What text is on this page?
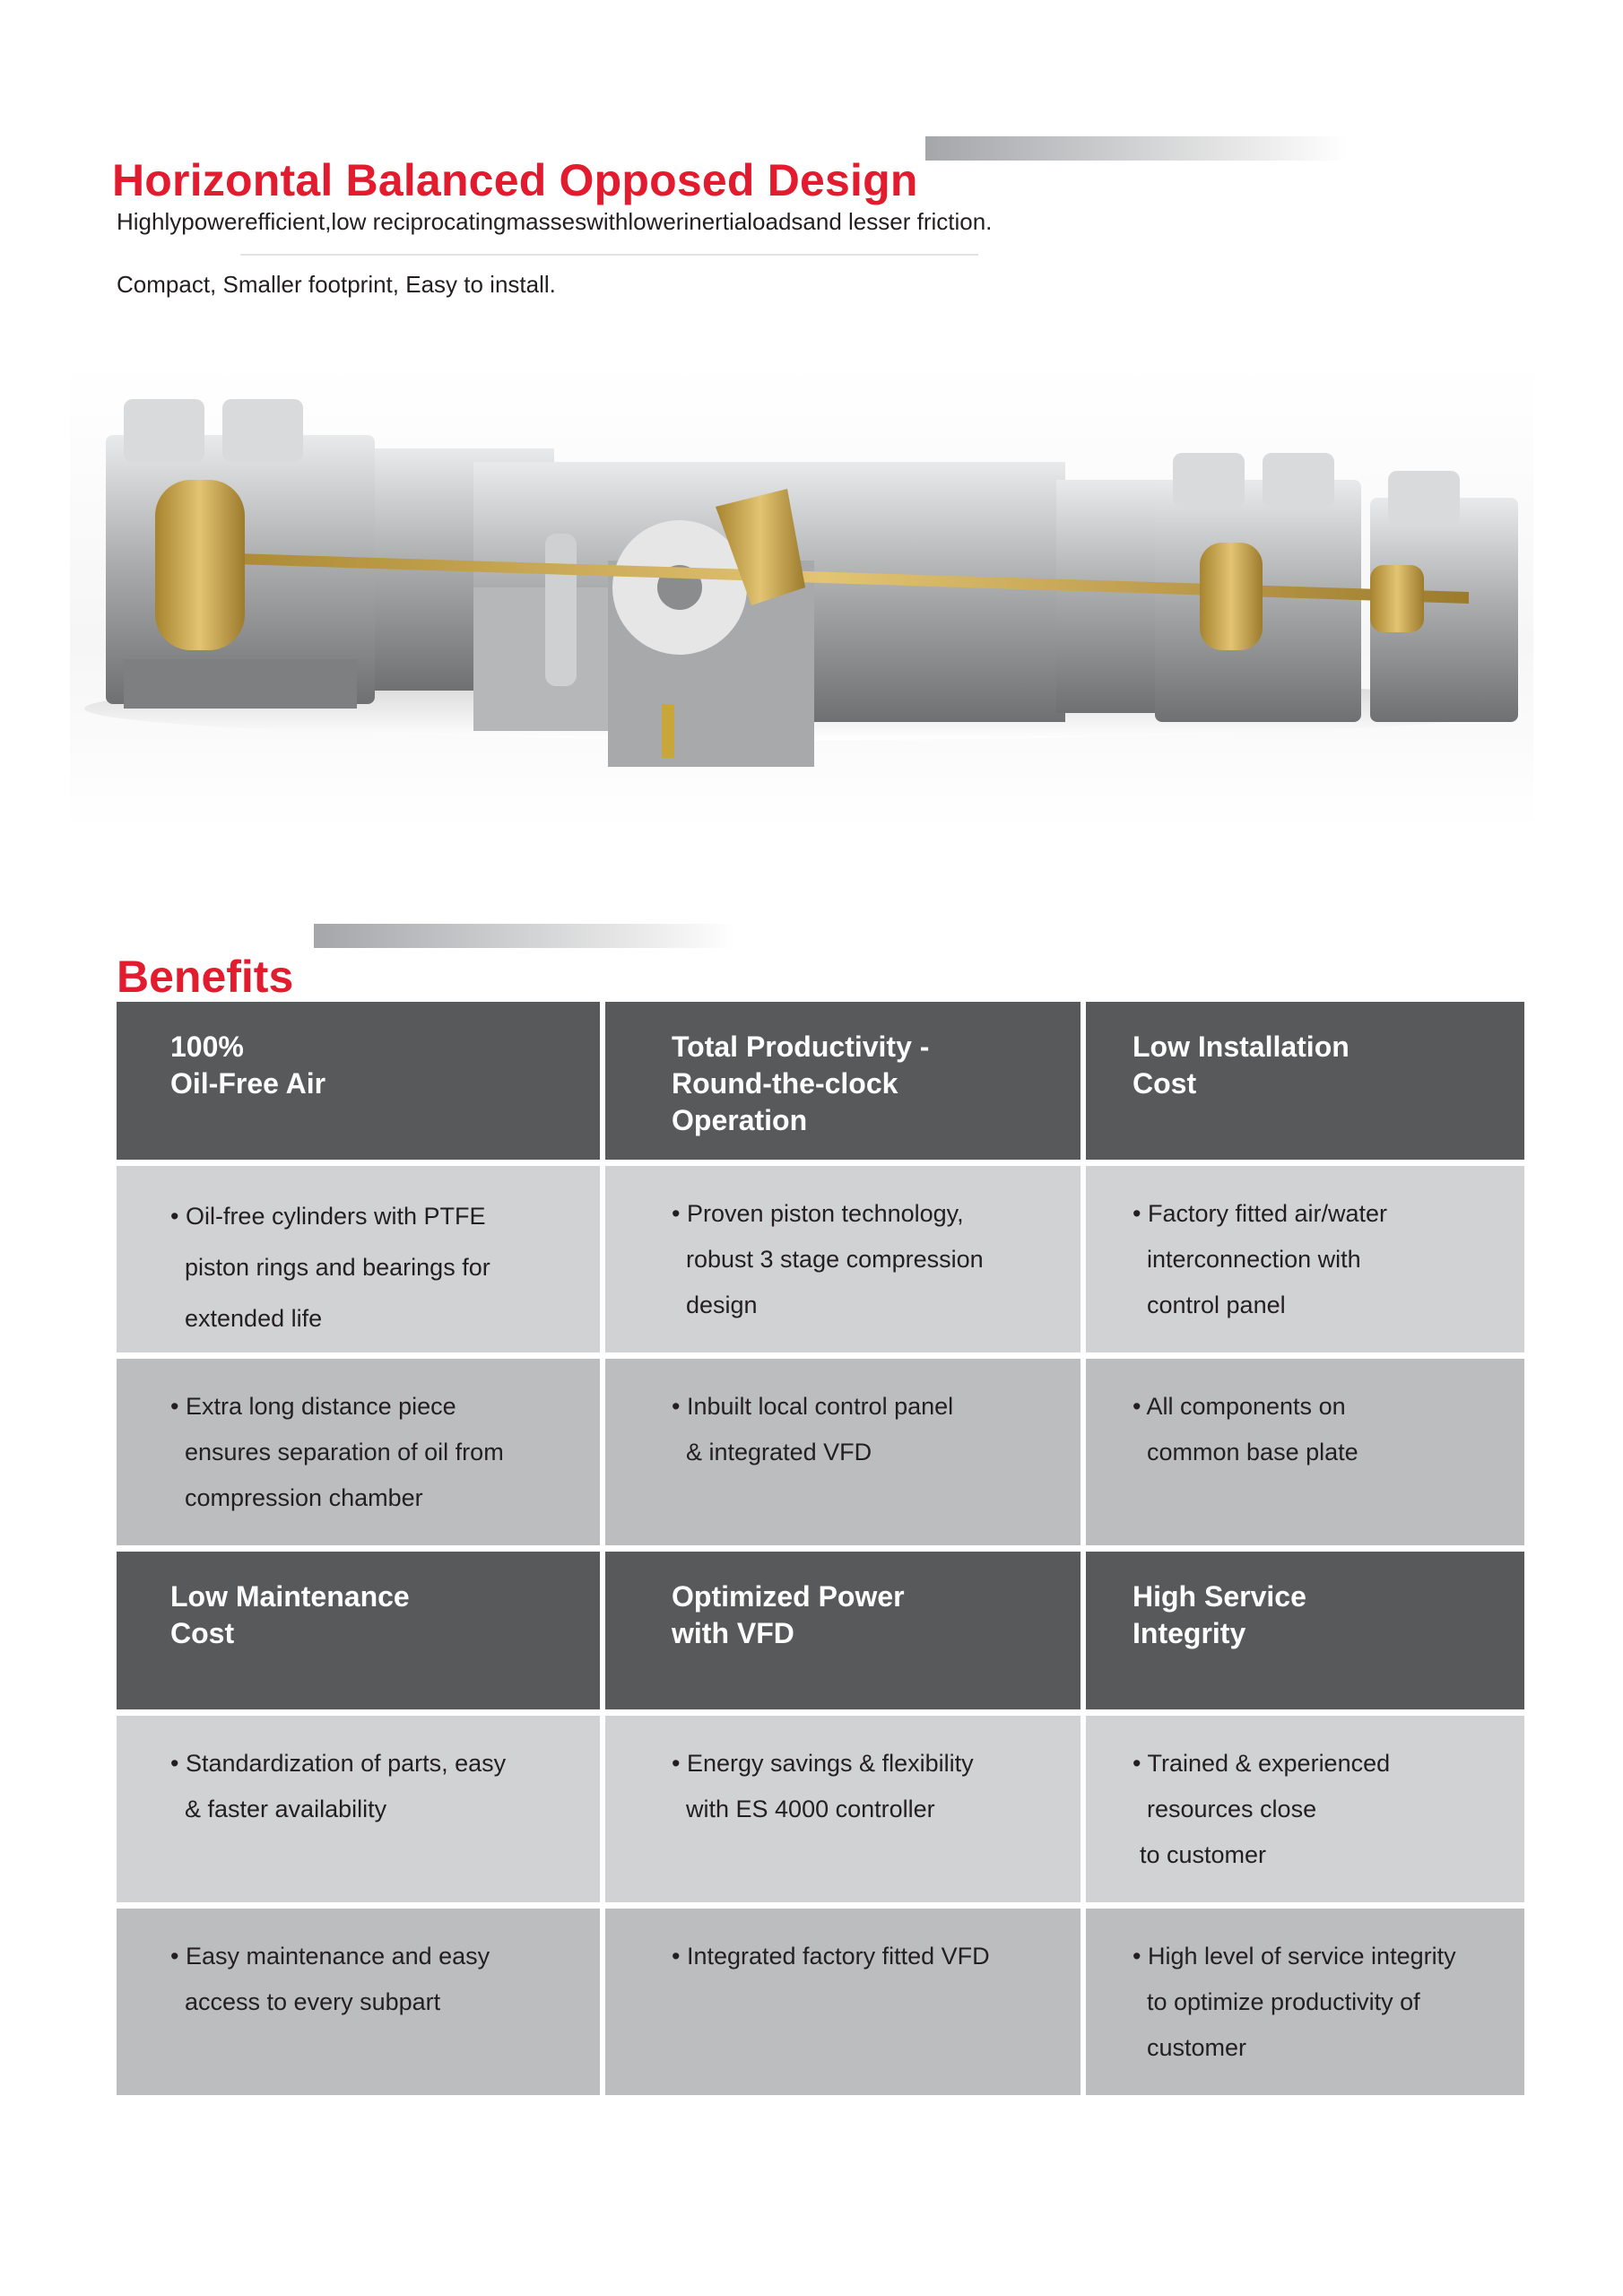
Horizontal Balanced Opposed Design
Highlypowerefficient,low reciprocatingmasseswithlowerinertialoadsand lesser friction.
Compact, Smaller footprint, Easy to install.
Benefits
100%
Oil-Free Air
Total Productivity -
Round-the-clock
Operation
Low Installation
Cost
• Oil-free cylinders with PTFE
piston rings and bearings for
extended life
• Proven piston technology,
robust 3 stage compression
design
• Factory fitted air/water
interconnection with
control panel
• Extra long distance piece
ensures separation of oil from
compression chamber
• Inbuilt local control panel
& integrated VFD
• All components on
common base plate
Low Maintenance
Cost
Optimized Power
with VFD
High Service
Integrity
• Standardization of parts, easy
& faster availability
• Energy savings & flexibility
with ES 4000 controller
• Trained & experienced
resources close
to customer
• Easy maintenance and easy
access to every subpart
• Integrated factory fitted VFD	• High level of service integrity
to optimize productivity of
customer
